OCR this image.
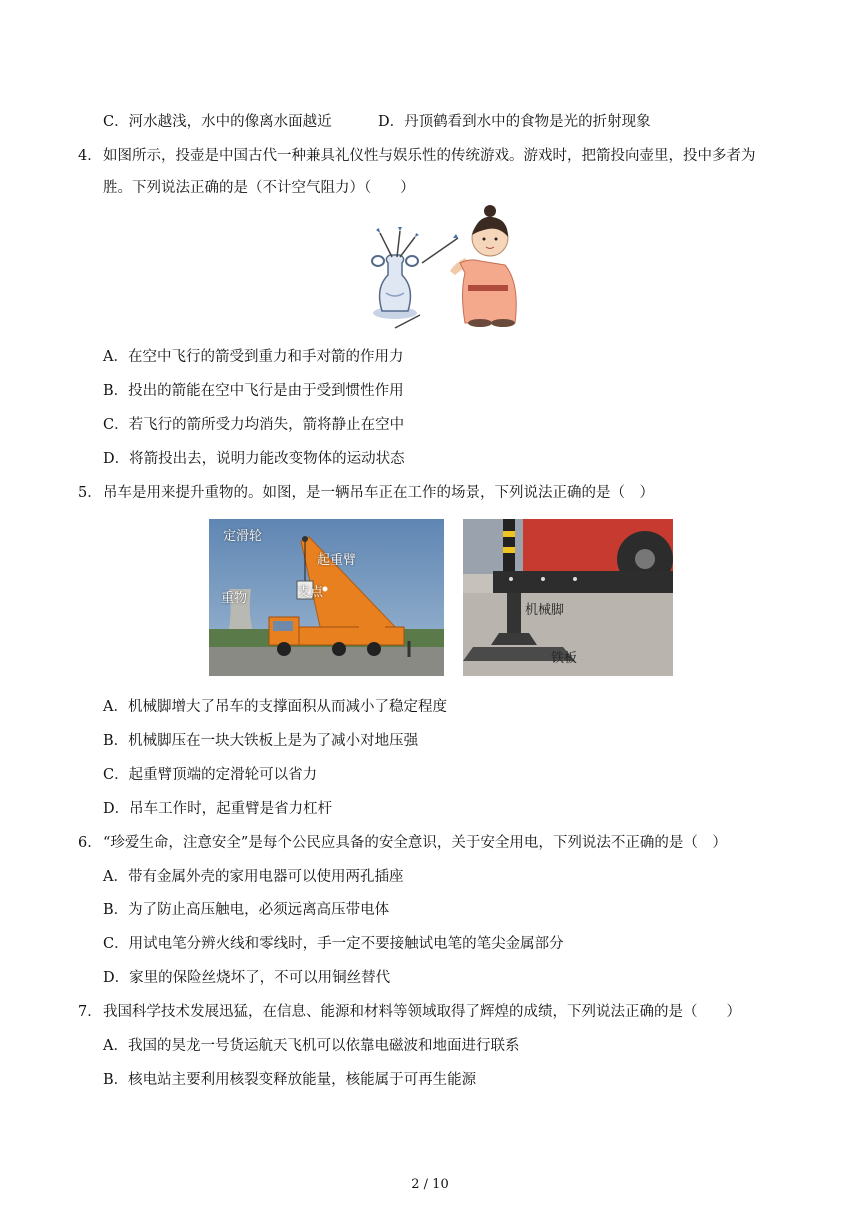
C．河水越浅，水中的像离水面越近	D．丹顶鹤看到水中的食物是光的折射现象
4． 如图所示，投壶是中国古代一种兼具礼仪性与娱乐性的传统游戏。游戏时，把箭投向壶里，投中多者为
胜。下列说法正确的是（不计空气阻力）（　　）
A．在空中飞行的箭受到重力和手对箭的作用力
B．投出的箭能在空中飞行是由于受到惯性作用
C．若飞行的箭所受力均消失，箭将静止在空中
D．将箭投出去，说明力能改变物体的运动状态
5． 吊车是用来提升重物的。如图，是一辆吊车正在工作的场景，下列说法正确的是（　）
定滑轮
起重臂
支点
重物
机械脚
铁板
A．机械脚增大了吊车的支撑面积从而减小了稳定程度
B．机械脚压在一块大铁板上是为了减小对地压强
C．起重臂顶端的定滑轮可以省力
D．吊车工作时，起重臂是省力杠杆
6． “珍爱生命，注意安全”是每个公民应具备的安全意识，关于安全用电，下列说法不正确的是（　）
A．带有金属外壳的家用电器可以使用两孔插座
B．为了防止高压触电，必须远离高压带电体
C．用试电笔分辨火线和零线时，手一定不要接触试电笔的笔尖金属部分
D．家里的保险丝烧坏了，不可以用铜丝替代
7． 我国科学技术发展迅猛，在信息、能源和材料等领域取得了辉煌的成绩，下列说法正确的是（　　）
A．我国的昊龙一号货运航天飞机可以依靠电磁波和地面进行联系
B．核电站主要利用核裂变释放能量，核能属于可再生能源
2 / 10
